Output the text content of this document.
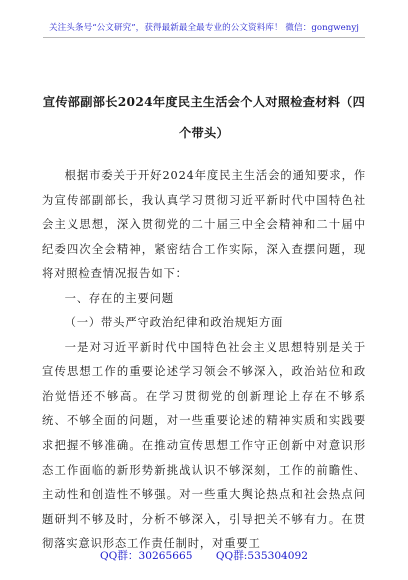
关注头条号“公文研究”，获得最新最全最专业的公文资料库！ 微信：gongwenyj
宣传部副部长2024年度民主生活会个人对照检查材料（四
个带头）

根据市委关于开好2024年度民主生活会的通知要求，作为宣传部副部长，我认真学习贯彻习近平新时代中国特色社会主义思想，深入贯彻党的二十届三中全会精神和二十届中纪委四次全会精神，紧密结合工作实际，深入查摆问题，现将对照检查情况报告如下：

一、存在的主要问题

（一）带头严守政治纪律和政治规矩方面

一是对习近平新时代中国特色社会主义思想特别是关于宣传思想工作的重要论述学习领会不够深入，政治站位和政治觉悟还不够高。在学习贯彻党的创新理论上存在不够系统、不够全面的问题，对一些重要论述的精神实质和实践要求把握不够准确。在推动宣传思想工作守正创新中对意识形态工作面临的新形势新挑战认识不够深刻，工作的前瞻性、主动性和创造性不够强。对一些重大舆论热点和社会热点问题研判不够及时，分析不够深入，引导把关不够有力。在贯彻落实意识形态工作责任制时，对重要工

QQ群：30265665 QQ群:535304092
